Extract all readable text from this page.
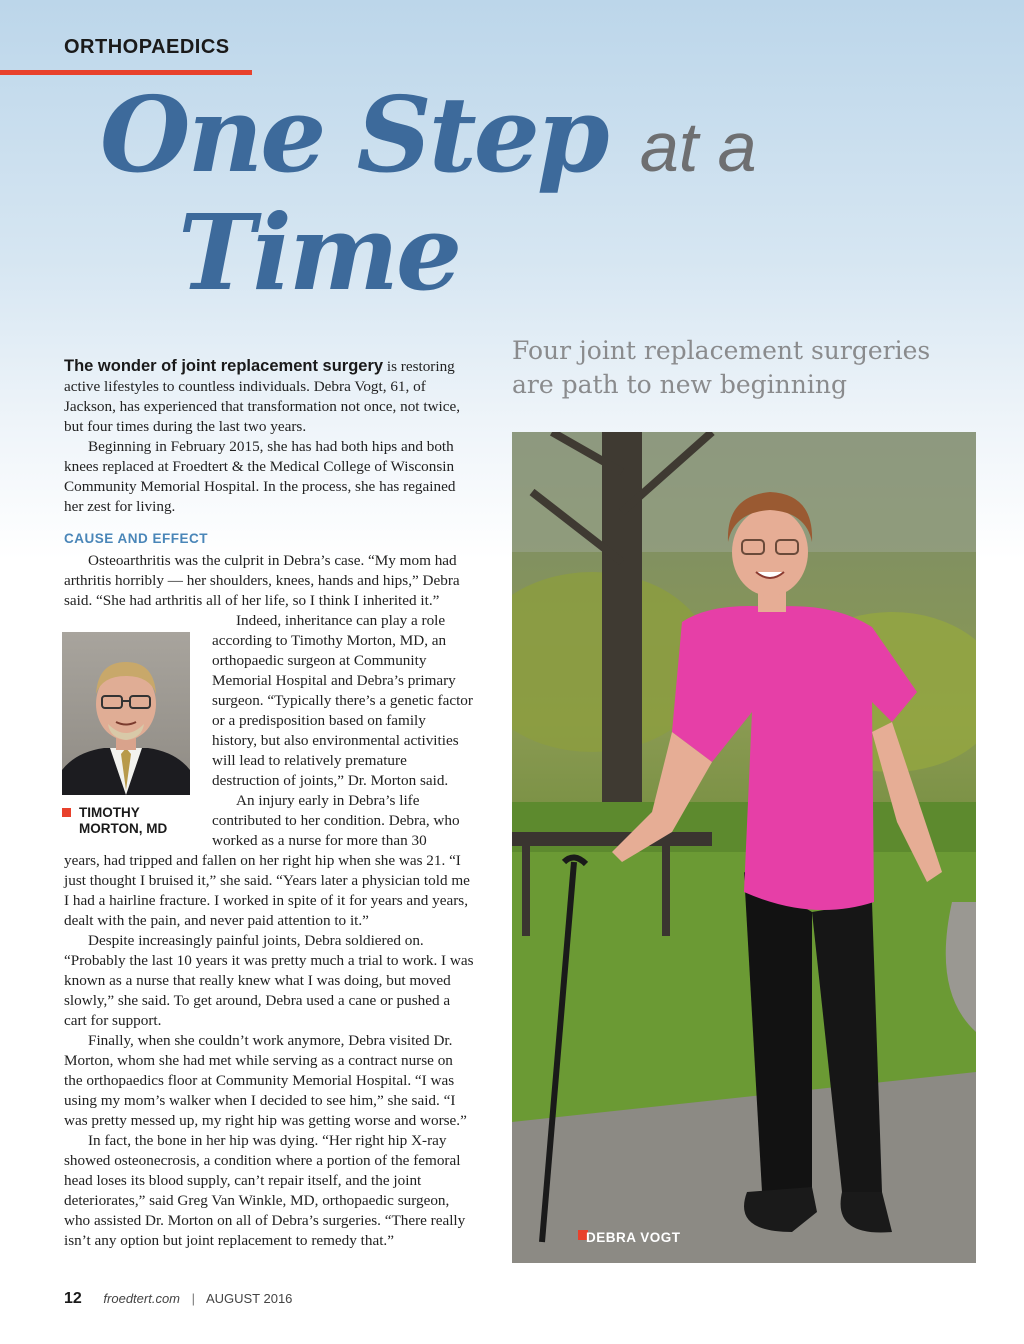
ORTHOPAEDICS
One Step at a
Time
Four joint replacement surgeries are path to new beginning

The wonder of joint replacement surgery is restoring active lifestyles to countless individuals. Debra Vogt, 61, of Jackson, has experienced that transformation not once, not twice, but four times during the last two years.

Beginning in February 2015, she has had both hips and both knees replaced at Froedtert & the Medical College of Wisconsin Community Memorial Hospital. In the process, she has regained her zest for living.

CAUSE AND EFFECT

Osteoarthritis was the culprit in Debra’s case. “My mom had arthritis horribly — her shoulders, knees, hands and hips,” Debra said. “She had arthritis all of her life, so I think I inherited it.”

TIMOTHY
MORTON, MD

Indeed, inheritance can play a role according to Timothy Morton, MD, an orthopaedic surgeon at Community Memorial Hospital and Debra’s primary surgeon. “Typically there’s a genetic factor or a predisposition based on family history, but also environmental activities will lead to relatively premature destruction of joints,” Dr. Morton said.

An injury early in Debra’s life contributed to her condition. Debra, who worked as a nurse for more than 30

years, had tripped and fallen on her right hip when she was 21. “I just thought I bruised it,” she said. “Years later a physician told me I had a hairline fracture. I worked in spite of it for years and years, dealt with the pain, and never paid attention to it.”

Despite increasingly painful joints, Debra soldiered on. “Probably the last 10 years it was pretty much a trial to work. I was known as a nurse that really knew what I was doing, but moved slowly,” she said. To get around, Debra used a cane or pushed a cart for support.

Finally, when she couldn’t work anymore, Debra visited Dr. Morton, whom she had met while serving as a contract nurse on the orthopaedics floor at Community Memorial Hospital. “I was using my mom’s walker when I decided to see him,” she said. “I was pretty messed up, my right hip was getting worse and worse.”

In fact, the bone in her hip was dying. “Her right hip X-ray showed osteonecrosis, a condition where a portion of the femoral head loses its blood supply, can’t repair itself, and the joint deteriorates,” said Greg Van Winkle, MD, orthopaedic surgeon, who assisted Dr. Morton on all of Debra’s surgeries. “There really isn’t any option but joint replacement to remedy that.”	DEBRA VOGT
12 froedtert.com | AUGUST 2016
